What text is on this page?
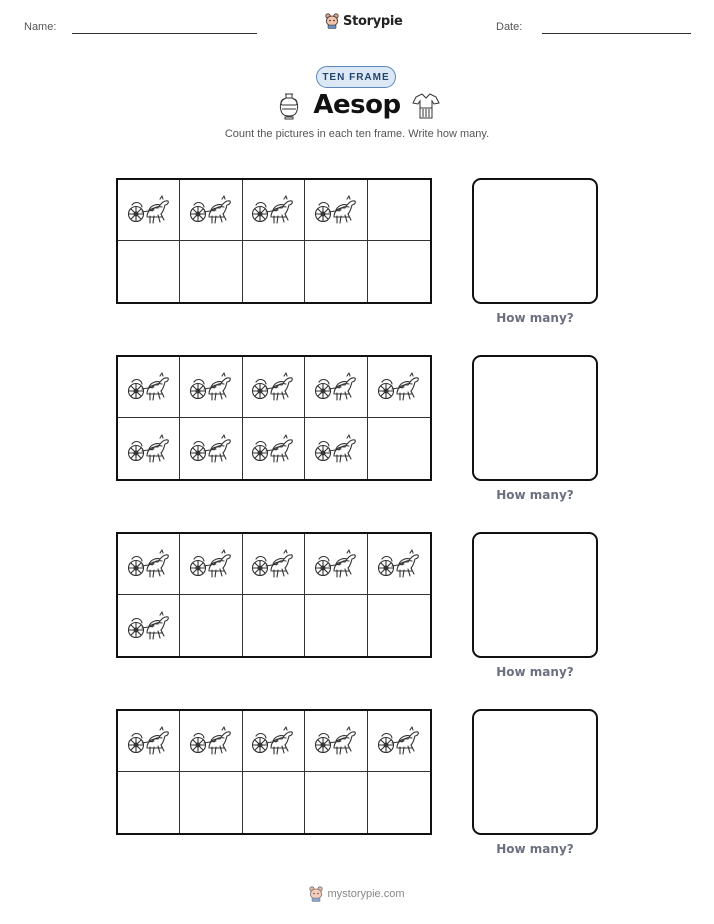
Name:	Storypie	Date:
TEN FRAME
Aesop
Count the pictures in each ten frame. Write how many.
How many?
How many?
How many?
How many?
mystorypie.com
